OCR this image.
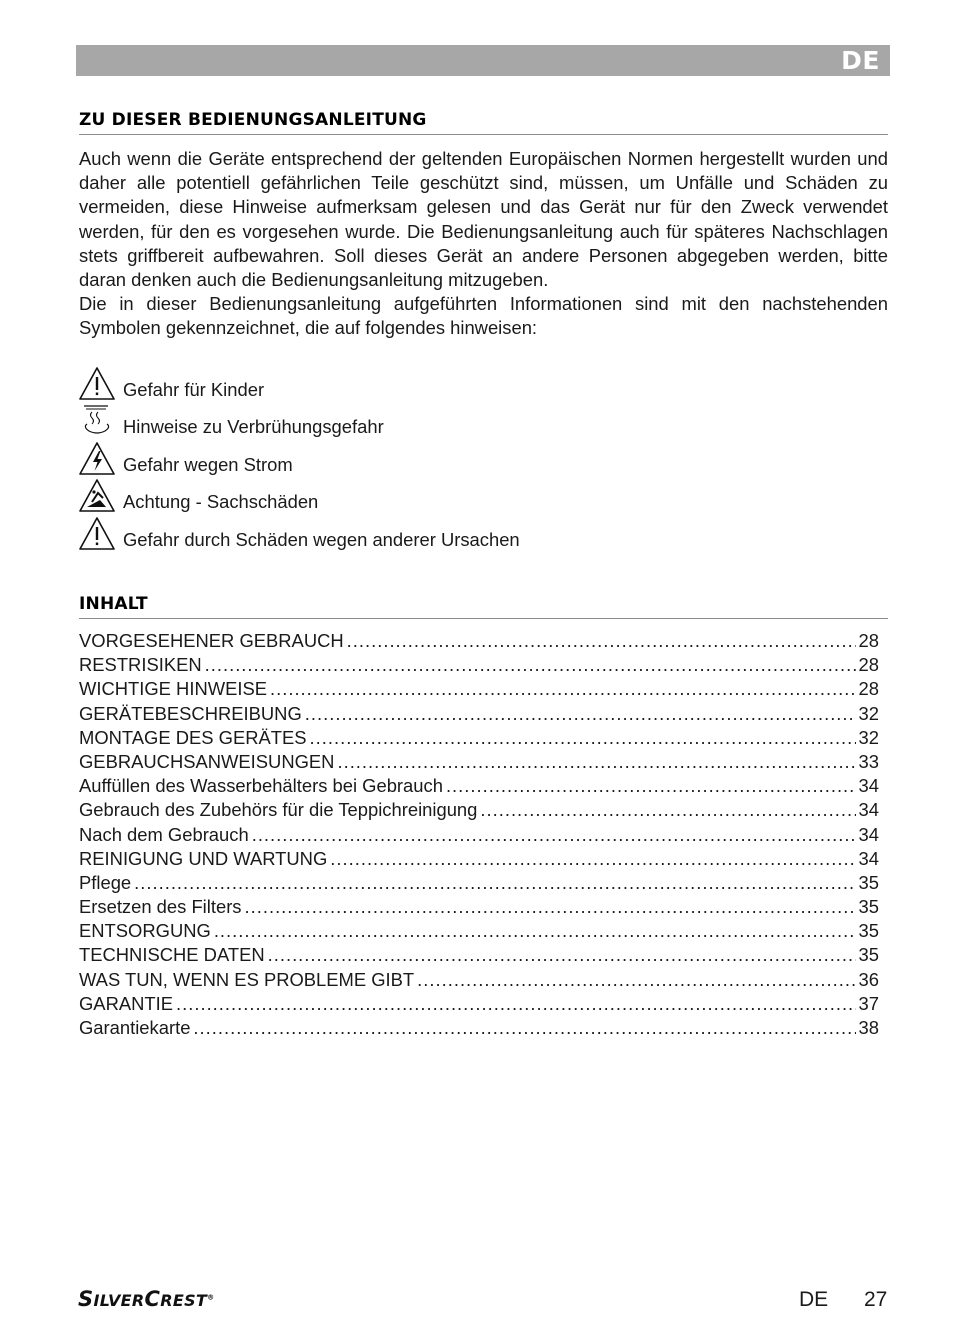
DE
ZU DIESER BEDIENUNGSANLEITUNG

Auch wenn die Geräte entsprechend der geltenden Europäischen Normen hergestellt wurden und daher alle potentiell gefährlichen Teile geschützt sind, müssen, um Unfälle und Schäden zu vermeiden, diese Hinweise aufmerksam gelesen und das Gerät nur für den Zweck verwendet werden, für den es vorgesehen wurde. Die Bedienungsanleitung auch für späteres Nachschlagen stets griffbereit aufbewahren. Soll dieses Gerät an andere Personen abgegeben werden, bitte daran denken auch die Bedienungsanleitung mitzugeben.

Die in dieser Bedienungsanleitung aufgeführten Informationen sind mit den nachstehenden Symbolen gekennzeichnet, die auf folgendes hinweisen:

Gefahr für Kinder
Hinweise zu Verbrühungsgefahr
Gefahr wegen Strom
Achtung - Sachschäden
Gefahr durch Schäden wegen anderer Ursachen
INHALT
VORGESEHENER GEBRAUCH .....	28
RESTRISIKEN .....	28
WICHTIGE HINWEISE .....	28
GERÄTEBESCHREIBUNG .....	32
MONTAGE DES GERÄTES .....	32
GEBRAUCHSANWEISUNGEN .....	33
Auffüllen des Wasserbehälters bei Gebrauch .....	34
Gebrauch des Zubehörs für die Teppichreinigung .....	34
Nach dem Gebrauch .....	34
REINIGUNG UND WARTUNG .....	34
Pflege .....	35
Ersetzen des Filters .....	35
ENTSORGUNG .....	35
TECHNISCHE DATEN .....	35
WAS TUN, WENN ES PROBLEME GIBT .....	36
GARANTIE .....	37
Garantiekarte .....	38
SILVERCREST®	DE 27
